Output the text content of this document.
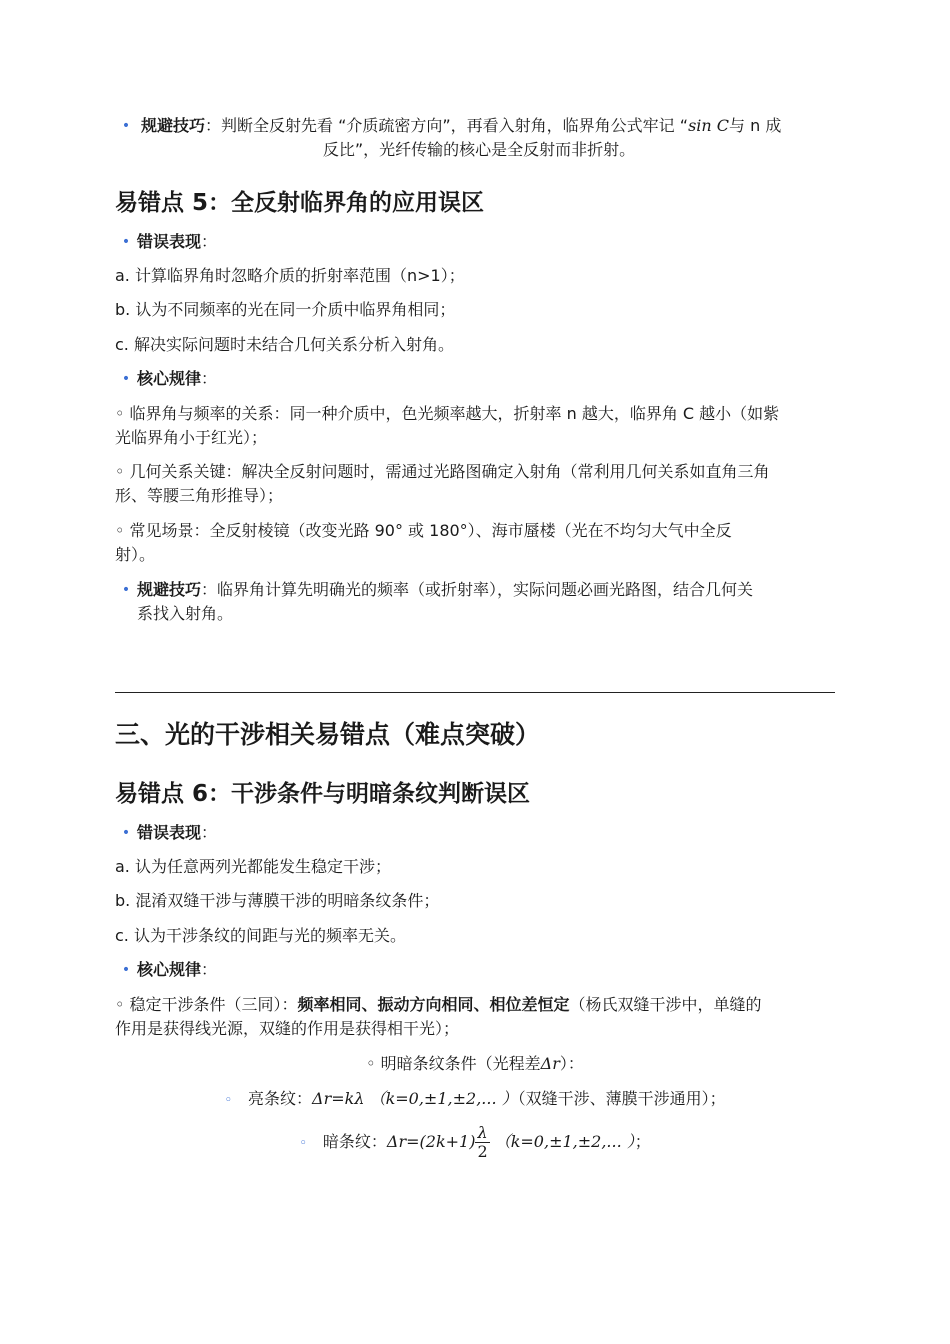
• 规避技巧：判断全反射先看 “介质疏密方向”，再看入射角，临界角公式牢记 “sin C与 n 成
反比”，光纤传输的核心是全反射而非折射。
易错点 5：全反射临界角的应用误区
• 错误表现 ：
a. 计算临界角时忽略介质的折射率范围（n>1）；
b. 认为不同频率的光在同一介质中临界角相同；
c. 解决实际问题时未结合几何关系分析入射角。
• 核心规律 ：
◦ 临界角与频率的关系：同一种介质中，色光频率越大，折射率 n 越大，临界角 C 越小（如紫
光临界角小于红光）；
◦ 几何关系关键：解决全反射问题时，需通过光路图确定入射角（常利用几何关系如直角三角
形、等腰三角形推导）；
◦ 常见场景：全反射棱镜（改变光路 90° 或 180°）、海市蜃楼（光在不均匀大气中全反
射）。
• 规避技巧：临界角计算先明确光的频率（或折射率），实际问题必画光路图，结合几何关
系找入射角。
三、光的干涉相关易错点（难点突破）
易错点 6：干涉条件与明暗条纹判断误区
• 错误表现 ：
a. 认为任意两列光都能发生稳定干涉；
b. 混淆双缝干涉与薄膜干涉的明暗条纹条件；
c. 认为干涉条纹的间距与光的频率无关。
• 核心规律 ：
◦ 稳定干涉条件（三同）：频率相同、振动方向相同、相位差恒定（杨氏双缝干涉中，单缝的
作用是获得线光源，双缝的作用是获得相干光）；
◦ 明暗条纹条件（光程差Δr）：
◦ 亮条纹：Δr=kλ （k=0,±1,±2,... ）（双缝干涉、薄膜干涉通用）；
◦ 暗条纹：$\Delta r=(2k+1) \frac{\lambda}{2} (k=0,\pm 1,\pm 2$,... ）；
